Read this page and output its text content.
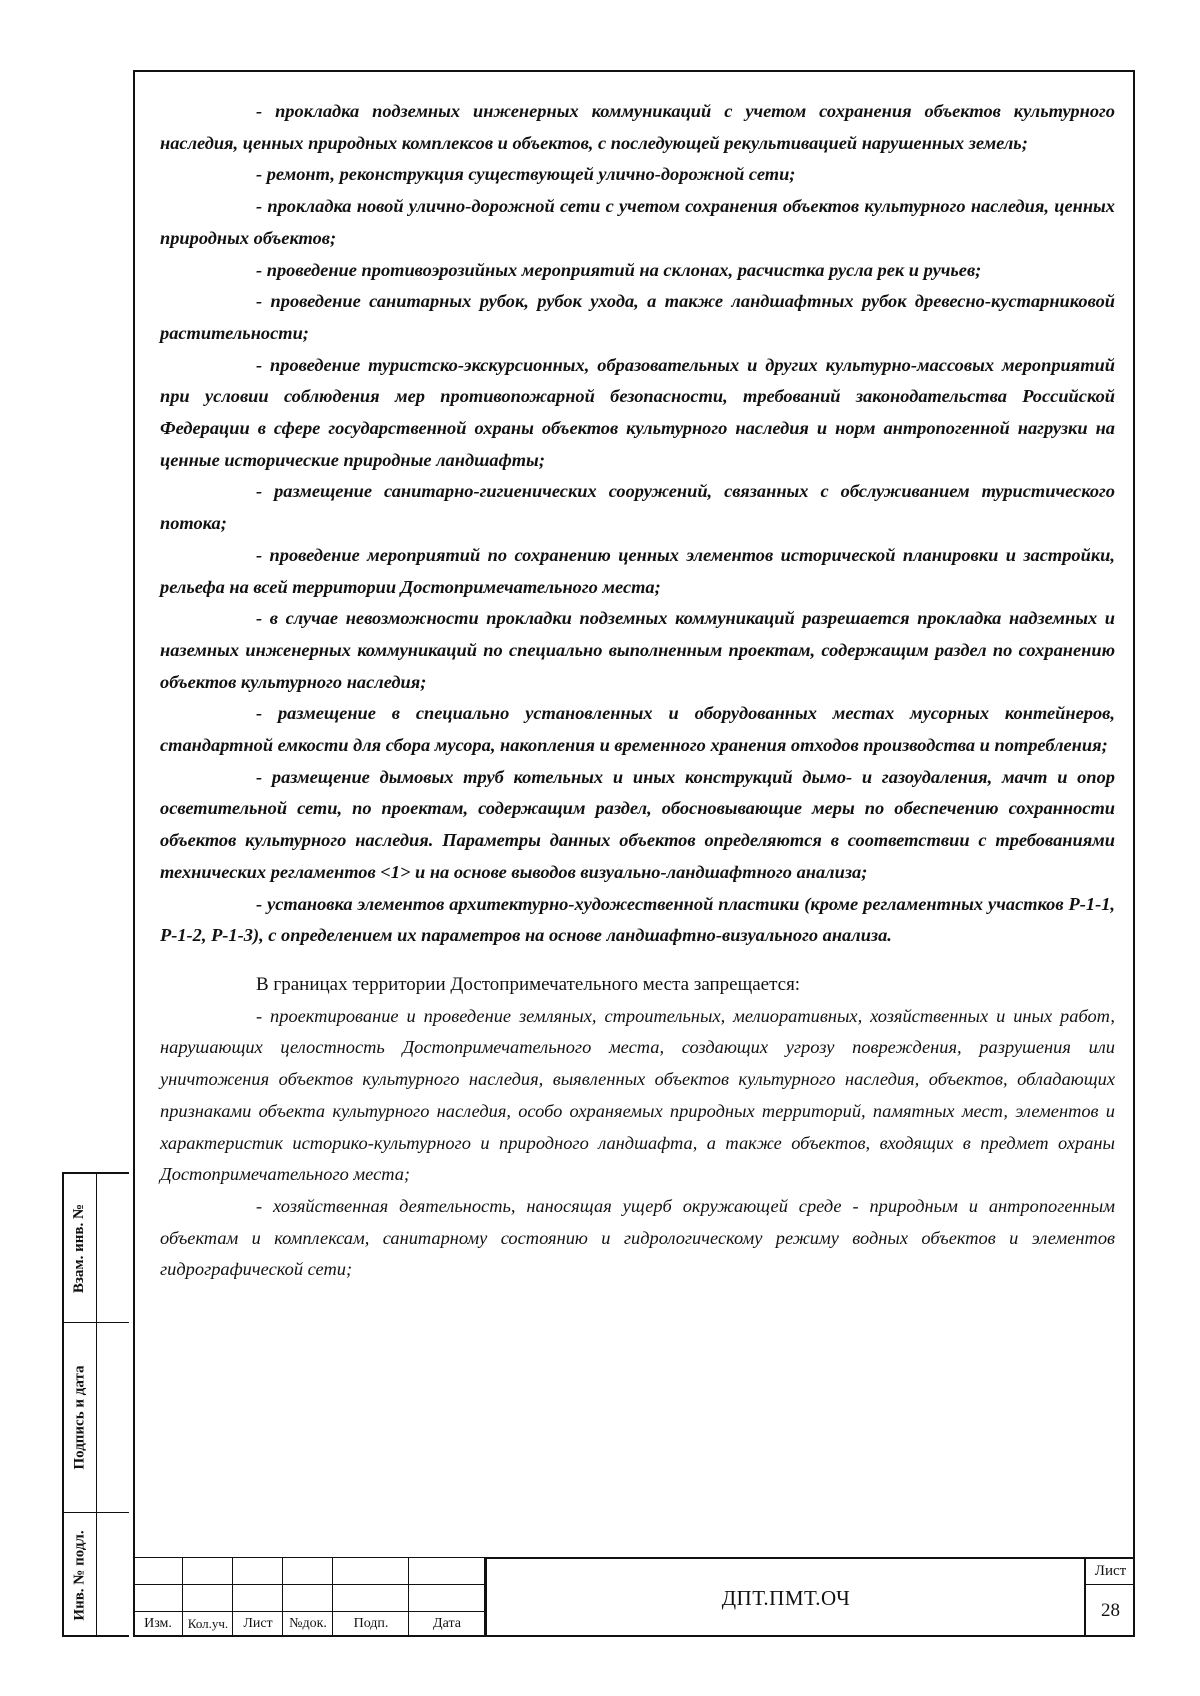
- прокладка подземных инженерных коммуникаций с учетом сохранения объектов культурного наследия, ценных природных комплексов и объектов, с последующей рекультивацией нарушенных земель;

- ремонт, реконструкция существующей улично-дорожной сети;

- прокладка новой улично-дорожной сети с учетом сохранения объектов культурного наследия, ценных природных объектов;

- проведение противоэрозийных мероприятий на склонах, расчистка русла рек и ручьев;

- проведение санитарных рубок, рубок ухода, а также ландшафтных рубок древесно-кустарниковой растительности;

- проведение туристско-экскурсионных, образовательных и других культурно-массовых мероприятий при условии соблюдения мер противопожарной безопасности, требований законодательства Российской Федерации в сфере государственной охраны объектов культурного наследия и норм антропогенной нагрузки на ценные исторические природные ландшафты;

- размещение санитарно-гигиенических сооружений, связанных с обслуживанием туристического потока;

- проведение мероприятий по сохранению ценных элементов исторической планировки и застройки, рельефа на всей территории Достопримечательного места;

- в случае невозможности прокладки подземных коммуникаций разрешается прокладка надземных и наземных инженерных коммуникаций по специально выполненным проектам, содержащим раздел по сохранению объектов культурного наследия;

- размещение в специально установленных и оборудованных местах мусорных контейнеров, стандартной емкости для сбора мусора, накопления и временного хранения отходов производства и потребления;

- размещение дымовых труб котельных и иных конструкций дымо- и газоудаления, мачт и опор осветительной сети, по проектам, содержащим раздел, обосновывающие меры по обеспечению сохранности объектов культурного наследия. Параметры данных объектов определяются в соответствии с требованиями технических регламентов <1> и на основе выводов визуально-ландшафтного анализа;

- установка элементов архитектурно-художественной пластики (кроме регламентных участков Р-1-1, Р-1-2, Р-1-3), с определением их параметров на основе ландшафтно-визуального анализа.

В границах территории Достопримечательного места запрещается:

- проектирование и проведение земляных, строительных, мелиоративных, хозяйственных и иных работ, нарушающих целостность Достопримечательного места, создающих угрозу повреждения, разрушения или уничтожения объектов культурного наследия, выявленных объектов культурного наследия, объектов, обладающих признаками объекта культурного наследия, особо охраняемых природных территорий, памятных мест, элементов и характеристик историко-культурного и природного ландшафта, а также объектов, входящих в предмет охраны Достопримечательного места;

- хозяйственная деятельность, наносящая ущерб окружающей среде - природным и антропогенным объектам и комплексам, санитарному состоянию и гидрологическому режиму водных объектов и элементов гидрографической сети;

Взам. инв. №
Подпись и дата
Инв. № подл.
Изм.	Кол.уч.	Лист	№док.	Подп.	Дата
ДПТ.ПМТ.ОЧ
Лист
28
